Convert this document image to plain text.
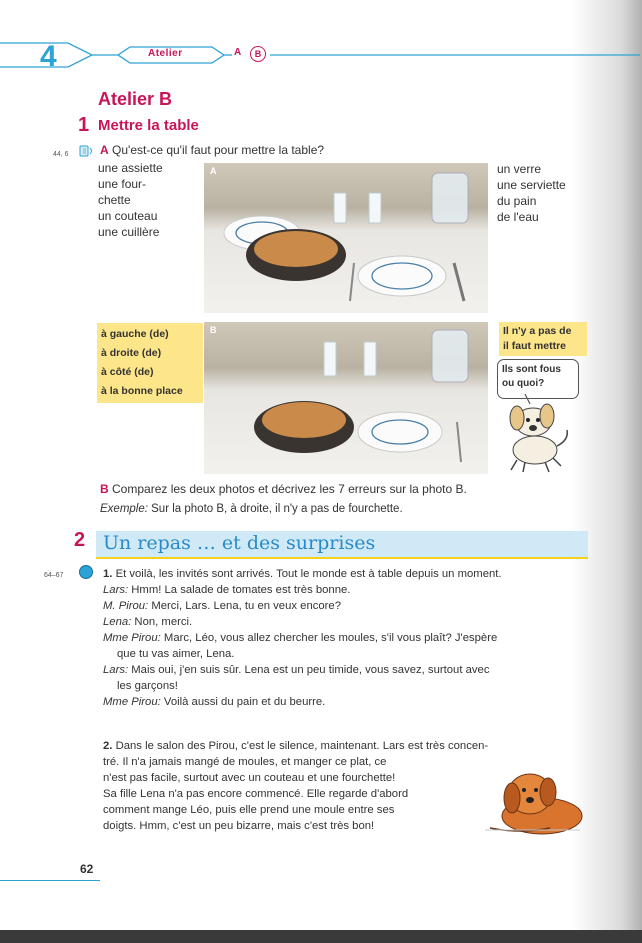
4	Atelier	A	B
Atelier B
1 Mettre la table
44, 6	A Qu'est-ce qu'il faut pour mettre la table?
une assiette
une four-
chette
un couteau
une cuillère
un verre
une serviette
du pain
de l'eau
A
B
à gauche (de)
à droite (de)
à côté (de)
à la bonne place
Il n'y a pas de
il faut mettre
Ils sont fous
ou quoi?
B Comparez les deux photos et décrivez les 7 erreurs sur la photo B.
Exemple: Sur la photo B, à droite, il n'y a pas de fourchette.
2 Un repas … et des surprises
64–67	1. Et voilà, les invités sont arrivés. Tout le monde est à table depuis un moment.
Lars: Hmm! La salade de tomates est très bonne.
M. Pirou: Merci, Lars. Lena, tu en veux encore?
Lena: Non, merci.
Mme Pirou: Marc, Léo, vous allez chercher les moules, s'il vous plaît? J'espère
que tu vas aimer, Lena.
Lars: Mais oui, j'en suis sûr. Lena est un peu timide, vous savez, surtout avec
les garçons!
Mme Pirou: Voilà aussi du pain et du beurre.
2. Dans le salon des Pirou, c'est le silence, maintenant. Lars est très concen-
tré. Il n'a jamais mangé de moules, et manger ce plat, ce
n'est pas facile, surtout avec un couteau et une fourchette!
Sa fille Lena n'a pas encore commencé. Elle regarde d'abord
comment mange Léo, puis elle prend une moule entre ses
doigts. Hmm, c'est un peu bizarre, mais c'est très bon!
62
